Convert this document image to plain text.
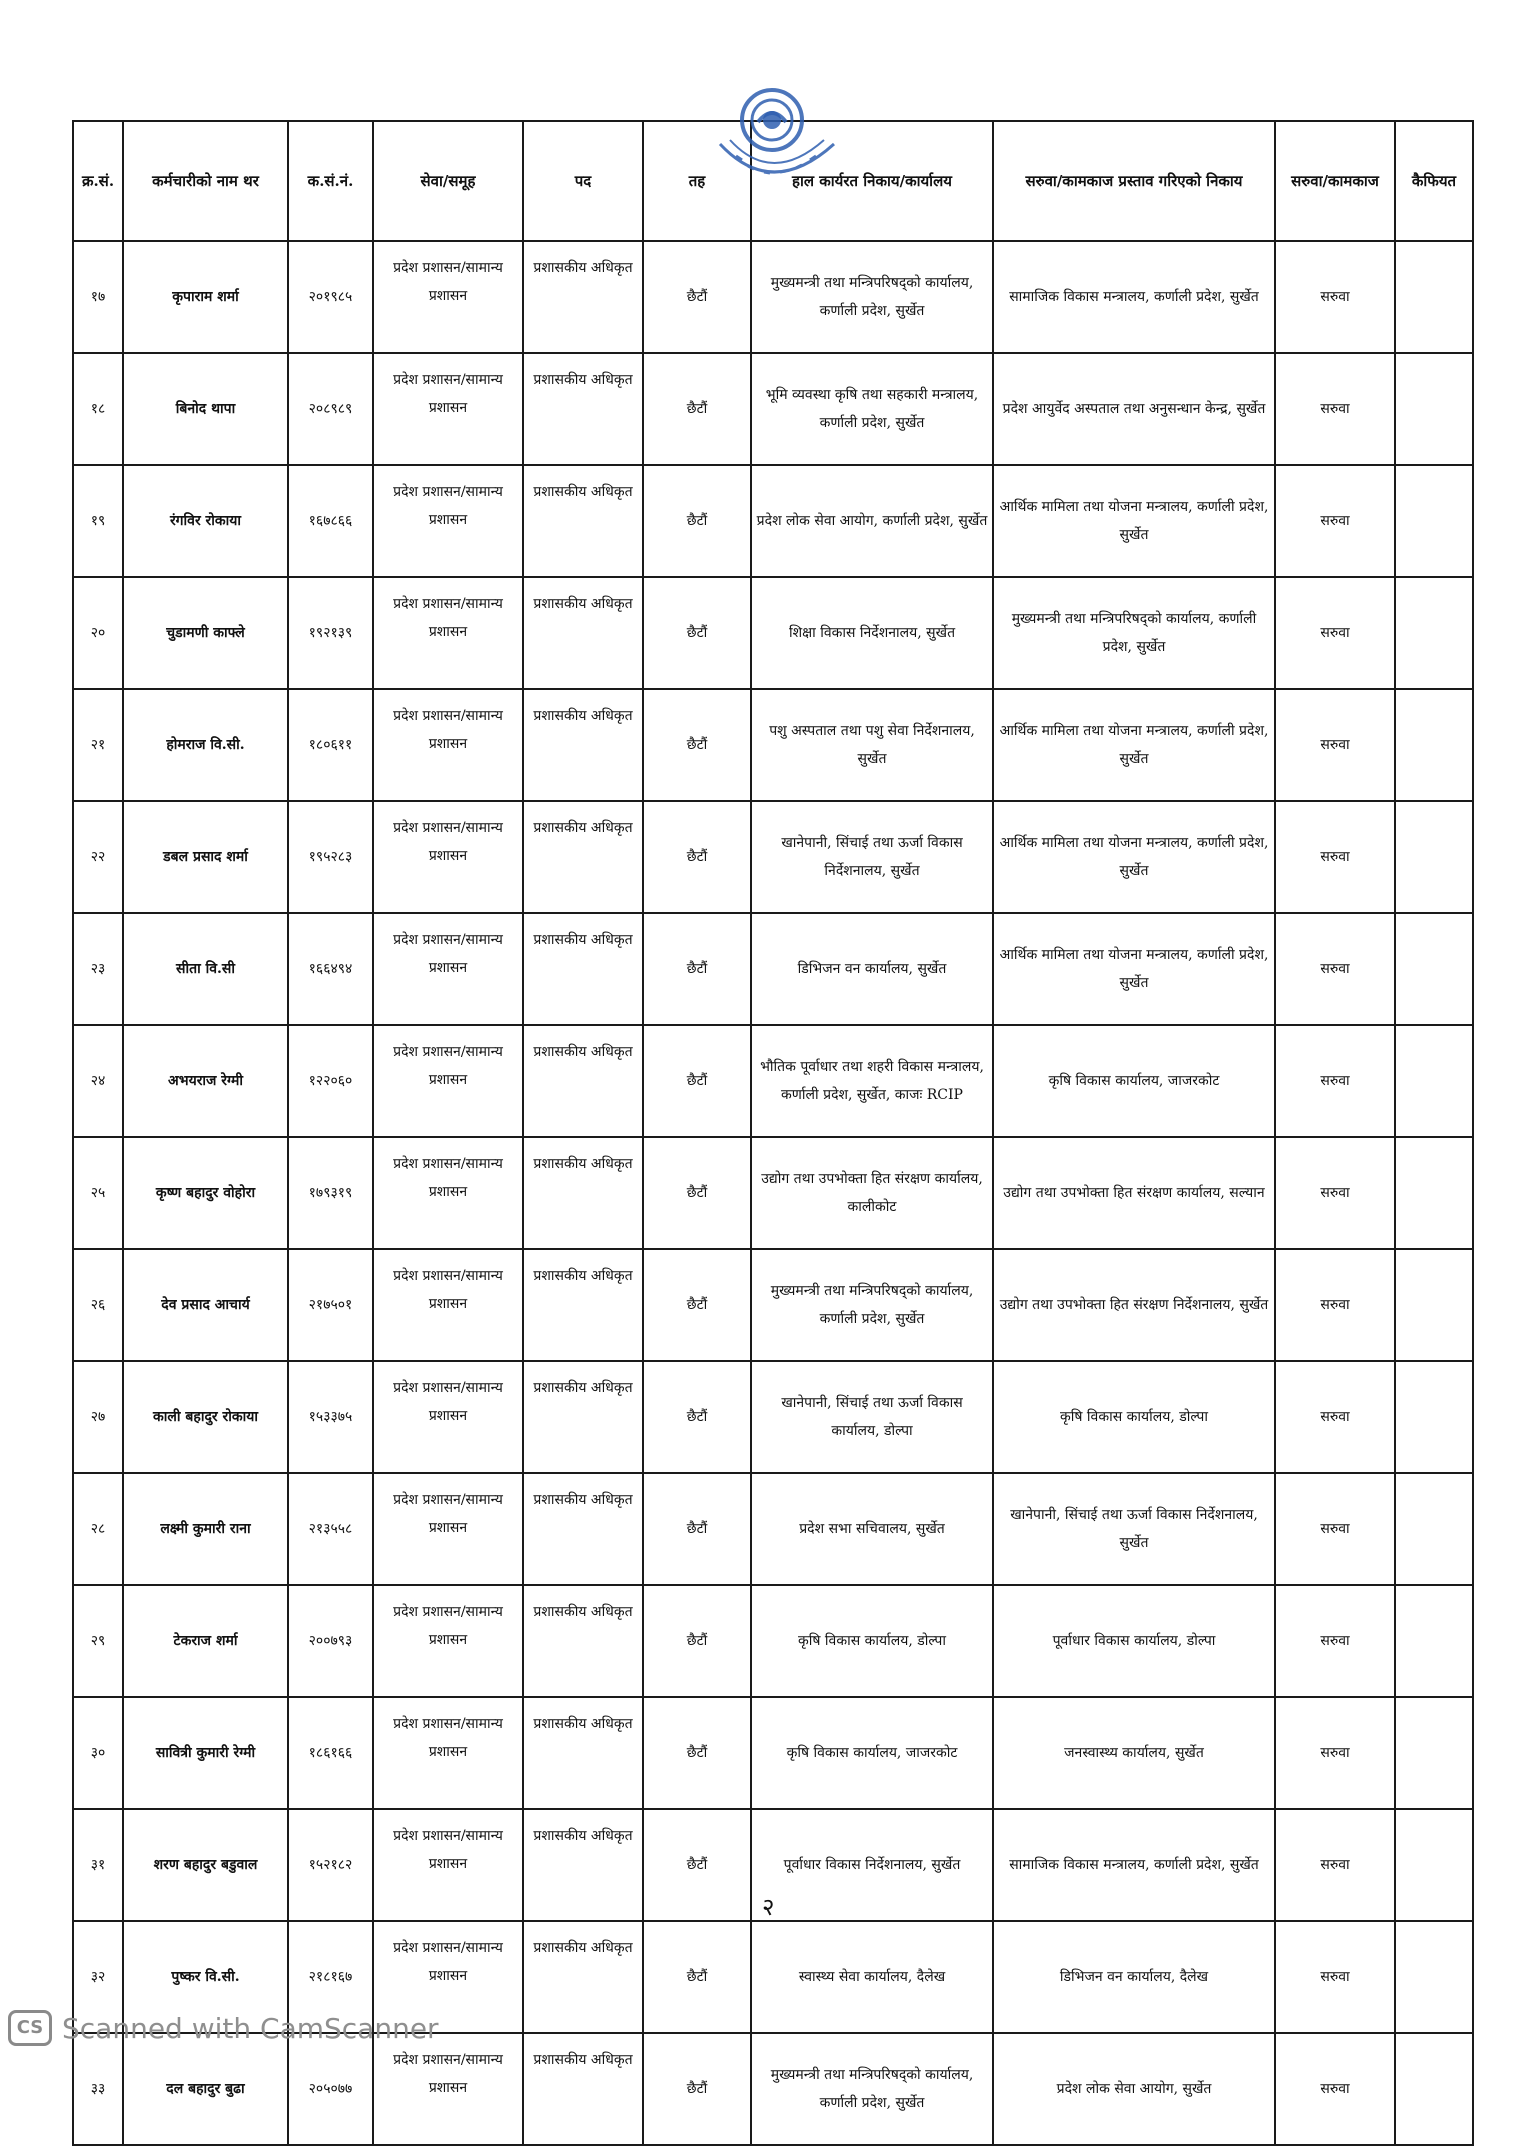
क्र.सं.	कर्मचारीको नाम थर	क.सं.नं.	सेवा/समूह	पद	तह	हाल कार्यरत निकाय/कार्यालय	सरुवा/कामकाज प्रस्ताव गरिएको निकाय	सरुवा/कामकाज	कैफियत
१७	कृपाराम शर्मा	२०१९८५	प्रदेश प्रशासन/सामान्य प्रशासन	प्रशासकीय अधिकृत	छैटौं	मुख्यमन्त्री तथा मन्त्रिपरिषद्को कार्यालय, कर्णाली प्रदेश, सुर्खेत	सामाजिक विकास मन्त्रालय, कर्णाली प्रदेश, सुर्खेत	सरुवा	
१८	बिनोद थापा	२०८९८९	प्रदेश प्रशासन/सामान्य प्रशासन	प्रशासकीय अधिकृत	छैटौं	भूमि व्यवस्था कृषि तथा सहकारी मन्त्रालय, कर्णाली प्रदेश, सुर्खेत	प्रदेश आयुर्वेद अस्पताल तथा अनुसन्धान केन्द्र, सुर्खेत	सरुवा	
१९	रंगविर रोकाया	१६७८६६	प्रदेश प्रशासन/सामान्य प्रशासन	प्रशासकीय अधिकृत	छैटौं	प्रदेश लोक सेवा आयोग, कर्णाली प्रदेश, सुर्खेत	आर्थिक मामिला तथा योजना मन्त्रालय, कर्णाली प्रदेश, सुर्खेत	सरुवा	
२०	चुडामणी काफ्ले	१९२१३९	प्रदेश प्रशासन/सामान्य प्रशासन	प्रशासकीय अधिकृत	छैटौं	शिक्षा विकास निर्देशनालय, सुर्खेत	मुख्यमन्त्री तथा मन्त्रिपरिषद्को कार्यालय, कर्णाली प्रदेश, सुर्खेत	सरुवा	
२१	होमराज वि.सी.	१८०६११	प्रदेश प्रशासन/सामान्य प्रशासन	प्रशासकीय अधिकृत	छैटौं	पशु अस्पताल तथा पशु सेवा निर्देशनालय, सुर्खेत	आर्थिक मामिला तथा योजना मन्त्रालय, कर्णाली प्रदेश, सुर्खेत	सरुवा	
२२	डबल प्रसाद शर्मा	१९५२८३	प्रदेश प्रशासन/सामान्य प्रशासन	प्रशासकीय अधिकृत	छैटौं	खानेपानी, सिंचाई तथा ऊर्जा विकास निर्देशनालय, सुर्खेत	आर्थिक मामिला तथा योजना मन्त्रालय, कर्णाली प्रदेश, सुर्खेत	सरुवा	
२३	सीता वि.सी	१६६४९४	प्रदेश प्रशासन/सामान्य प्रशासन	प्रशासकीय अधिकृत	छैटौं	डिभिजन वन कार्यालय, सुर्खेत	आर्थिक मामिला तथा योजना मन्त्रालय, कर्णाली प्रदेश, सुर्खेत	सरुवा	
२४	अभयराज रेग्मी	१२२०६०	प्रदेश प्रशासन/सामान्य प्रशासन	प्रशासकीय अधिकृत	छैटौं	भौतिक पूर्वाधार तथा शहरी विकास मन्त्रालय, कर्णाली प्रदेश, सुर्खेत, काजः RCIP	कृषि विकास कार्यालय, जाजरकोट	सरुवा	
२५	कृष्ण बहादुर वोहोरा	१७९३१९	प्रदेश प्रशासन/सामान्य प्रशासन	प्रशासकीय अधिकृत	छैटौं	उद्योग तथा उपभोक्ता हित संरक्षण कार्यालय, कालीकोट	उद्योग तथा उपभोक्ता हित संरक्षण कार्यालय, सल्यान	सरुवा	
२६	देव प्रसाद आचार्य	२१७५०१	प्रदेश प्रशासन/सामान्य प्रशासन	प्रशासकीय अधिकृत	छैटौं	मुख्यमन्त्री तथा मन्त्रिपरिषद्को कार्यालय, कर्णाली प्रदेश, सुर्खेत	उद्योग तथा उपभोक्ता हित संरक्षण निर्देशनालय, सुर्खेत	सरुवा	
२७	काली बहादुर रोकाया	१५३३७५	प्रदेश प्रशासन/सामान्य प्रशासन	प्रशासकीय अधिकृत	छैटौं	खानेपानी, सिंचाई तथा ऊर्जा विकास कार्यालय, डोल्पा	कृषि विकास कार्यालय, डोल्पा	सरुवा	
२८	लक्ष्मी कुमारी राना	२१३५५८	प्रदेश प्रशासन/सामान्य प्रशासन	प्रशासकीय अधिकृत	छैटौं	प्रदेश सभा सचिवालय, सुर्खेत	खानेपानी, सिंचाई तथा ऊर्जा विकास निर्देशनालय, सुर्खेत	सरुवा	
२९	टेकराज शर्मा	२००७९३	प्रदेश प्रशासन/सामान्य प्रशासन	प्रशासकीय अधिकृत	छैटौं	कृषि विकास कार्यालय, डोल्पा	पूर्वाधार विकास कार्यालय, डोल्पा	सरुवा	
३०	सावित्री कुमारी रेग्मी	१८६१६६	प्रदेश प्रशासन/सामान्य प्रशासन	प्रशासकीय अधिकृत	छैटौं	कृषि विकास कार्यालय, जाजरकोट	जनस्वास्थ्य कार्यालय, सुर्खेत	सरुवा	
३१	शरण बहादुर बडुवाल	१५२१८२	प्रदेश प्रशासन/सामान्य प्रशासन	प्रशासकीय अधिकृत	छैटौं	पूर्वाधार विकास निर्देशनालय, सुर्खेत	सामाजिक विकास मन्त्रालय, कर्णाली प्रदेश, सुर्खेत	सरुवा	
३२	पुष्कर वि.सी.	२१८१६७	प्रदेश प्रशासन/सामान्य प्रशासन	प्रशासकीय अधिकृत	छैटौं	स्वास्थ्य सेवा कार्यालय, दैलेख	डिभिजन वन कार्यालय, दैलेख	सरुवा	
३३	दल बहादुर बुढा	२०५०७७	प्रदेश प्रशासन/सामान्य प्रशासन	प्रशासकीय अधिकृत	छैटौं	मुख्यमन्त्री तथा मन्त्रिपरिषद्को कार्यालय, कर्णाली प्रदेश, सुर्खेत	प्रदेश लोक सेवा आयोग, सुर्खेत	सरुवा	
२
CS Scanned with CamScanner
